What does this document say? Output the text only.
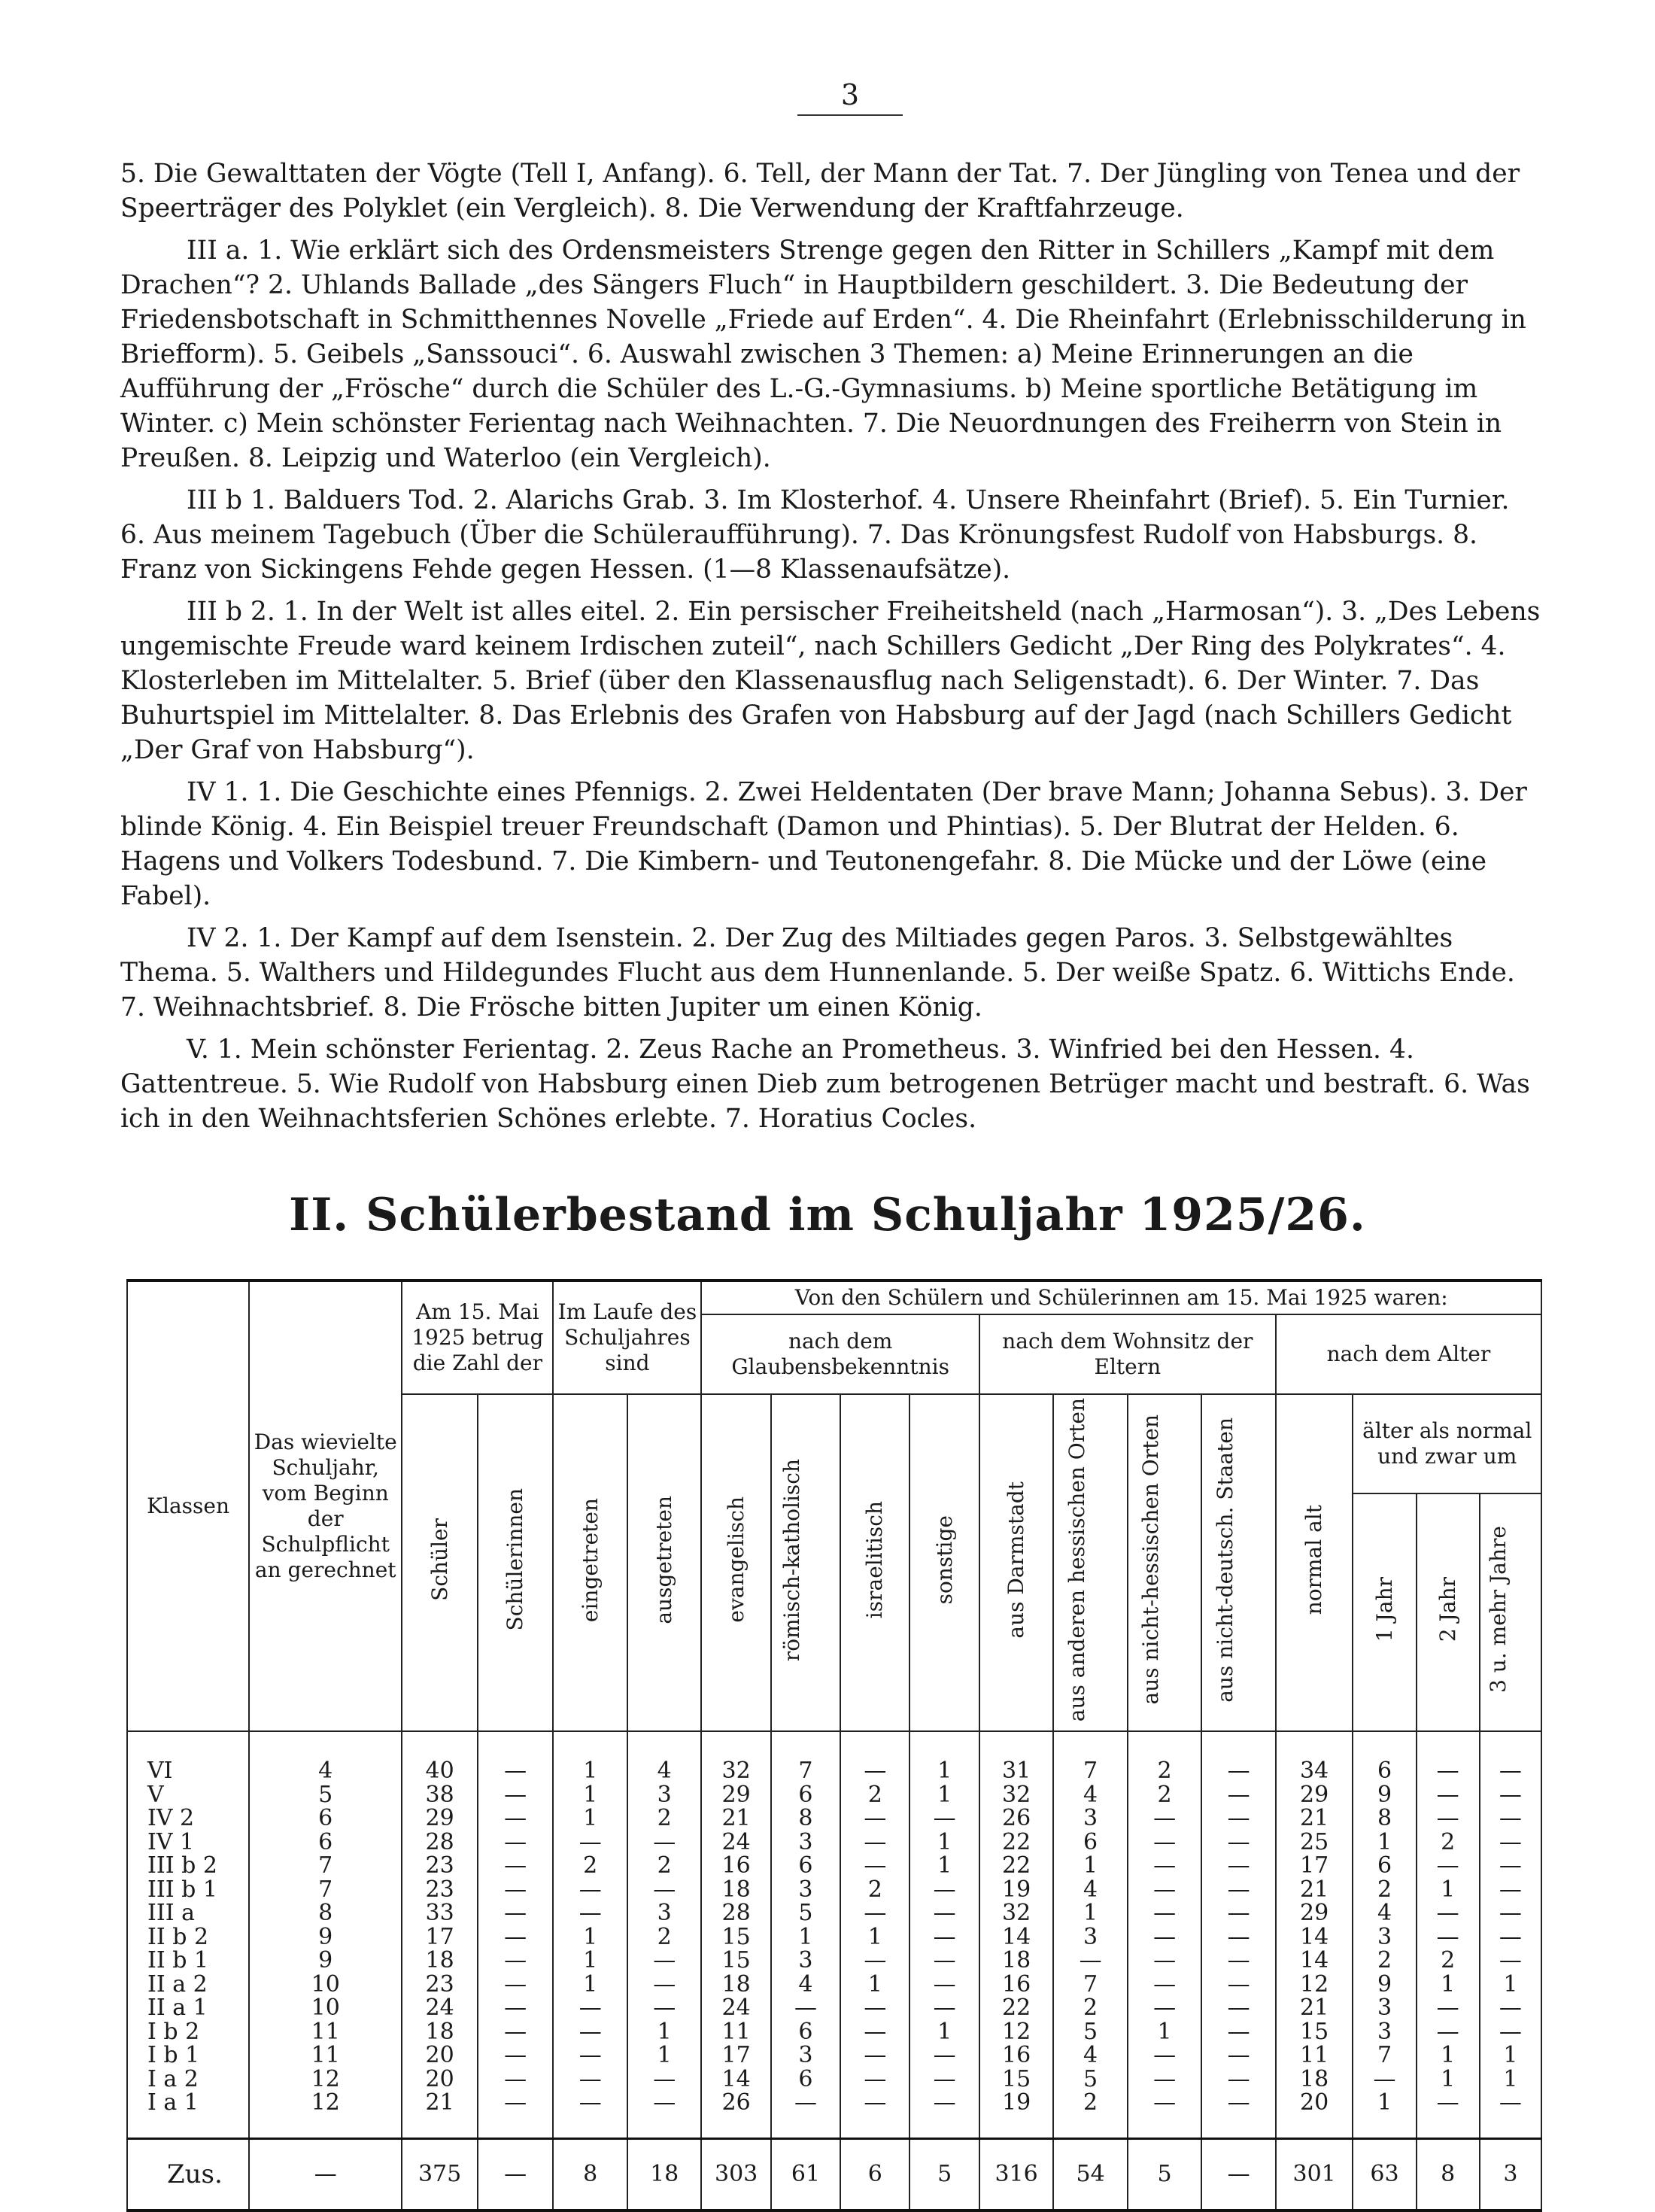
3

5. Die Gewalttaten der Vögte (Tell I, Anfang). 6. Tell, der Mann der Tat. 7. Der Jüngling von Tenea und der Speerträger des Polyklet (ein Vergleich). 8. Die Verwendung der Kraftfahrzeuge.

III a. 1. Wie erklärt sich des Ordensmeisters Strenge gegen den Ritter in Schillers „Kampf mit dem Drachen“? 2. Uhlands Ballade „des Sängers Fluch“ in Hauptbildern geschildert. 3. Die Bedeutung der Friedensbotschaft in Schmitthennes Novelle „Friede auf Erden“. 4. Die Rheinfahrt (Erlebnisschilderung in Briefform). 5. Geibels „Sanssouci“. 6. Auswahl zwischen 3 Themen: a) Meine Erinnerungen an die Aufführung der „Frösche“ durch die Schüler des L.-G.-Gymnasiums. b) Meine sportliche Betätigung im Winter. c) Mein schönster Ferientag nach Weihnachten. 7. Die Neuordnungen des Freiherrn von Stein in Preußen. 8. Leipzig und Waterloo (ein Vergleich).

III b 1. Balduers Tod. 2. Alarichs Grab. 3. Im Klosterhof. 4. Unsere Rheinfahrt (Brief). 5. Ein Turnier. 6. Aus meinem Tagebuch (Über die Schüleraufführung). 7. Das Krönungsfest Rudolf von Habsburgs. 8. Franz von Sickingens Fehde gegen Hessen. (1—8 Klassenaufsätze).

III b 2. 1. In der Welt ist alles eitel. 2. Ein persischer Freiheitsheld (nach „Harmosan“). 3. „Des Lebens ungemischte Freude ward keinem Irdischen zuteil“, nach Schillers Gedicht „Der Ring des Polykrates“. 4. Klosterleben im Mittelalter. 5. Brief (über den Klassenausflug nach Seligenstadt). 6. Der Winter. 7. Das Buhurtspiel im Mittelalter. 8. Das Erlebnis des Grafen von Habsburg auf der Jagd (nach Schillers Gedicht „Der Graf von Habsburg“).

IV 1. 1. Die Geschichte eines Pfennigs. 2. Zwei Heldentaten (Der brave Mann; Johanna Sebus). 3. Der blinde König. 4. Ein Beispiel treuer Freundschaft (Damon und Phintias). 5. Der Blutrat der Helden. 6. Hagens und Volkers Todesbund. 7. Die Kimbern- und Teutonengefahr. 8. Die Mücke und der Löwe (eine Fabel).

IV 2. 1. Der Kampf auf dem Isenstein. 2. Der Zug des Miltiades gegen Paros. 3. Selbstgewähltes Thema. 5. Walthers und Hildegundes Flucht aus dem Hunnenlande. 5. Der weiße Spatz. 6. Wittichs Ende. 7. Weihnachtsbrief. 8. Die Frösche bitten Jupiter um einen König.

V. 1. Mein schönster Ferientag. 2. Zeus Rache an Prometheus. 3. Winfried bei den Hessen. 4. Gattentreue. 5. Wie Rudolf von Habsburg einen Dieb zum betrogenen Betrüger macht und bestraft. 6. Was ich in den Weihnachtsferien Schönes erlebte. 7. Horatius Cocles.

II. Schülerbestand im Schuljahr 1925/26.
Klassen	Das wievielte Schuljahr, vom Beginn der Schulpflicht an gerechnet	Am 15. Mai 1925 betrug die Zahl der		Im Laufe des Schuljahres sind		Von den Schülern und Schülerinnen am 15. Mai 1925 waren:											
						nach dem Glaubensbekenntnis				nach dem Wohnsitz der Eltern				nach dem Alter			
		Schüler	Schülerinnen	eingetreten	ausgetreten	evangelisch	römisch-katholisch	israelitisch	sonstige	aus Darmstadt	aus anderen hessischen Orten	aus nicht-hessischen Orten	aus nicht-deutsch. Staaten	normal alt	älter als normal und zwar um		
															1 Jahr	2 Jahr	3 u. mehr Jahre
VI	4	40	—	1	4	32	7	—	1	31	7	2	—	34	6	—	—
V	5	38	—	1	3	29	6	2	1	32	4	2	—	29	9	—	—
IV 2	6	29	—	1	2	21	8	—	—	26	3	—	—	21	8	—	—
IV 1	6	28	—	—	—	24	3	—	1	22	6	—	—	25	1	2	—
III b 2	7	23	—	2	2	16	6	—	1	22	1	—	—	17	6	—	—
III b 1	7	23	—	—	—	18	3	2	—	19	4	—	—	21	2	1	—
III a	8	33	—	—	3	28	5	—	—	32	1	—	—	29	4	—	—
II b 2	9	17	—	1	2	15	1	1	—	14	3	—	—	14	3	—	—
II b 1	9	18	—	1	—	15	3	—	—	18	—	—	—	14	2	2	—
II a 2	10	23	—	1	—	18	4	1	—	16	7	—	—	12	9	1	1
II a 1	10	24	—	—	—	24	—	—	—	22	2	—	—	21	3	—	—
I b 2	11	18	—	—	1	11	6	—	1	12	5	1	—	15	3	—	—
I b 1	11	20	—	—	1	17	3	—	—	16	4	—	—	11	7	1	1
I a 2	12	20	—	—	—	14	6	—	—	15	5	—	—	18	—	1	1
I a 1	12	21	—	—	—	26	—	—	—	19	2	—	—	20	1	—	—
Zus.	—	375	—	8	18	303	61	6	5	316	54	5	—	301	63	8	3
